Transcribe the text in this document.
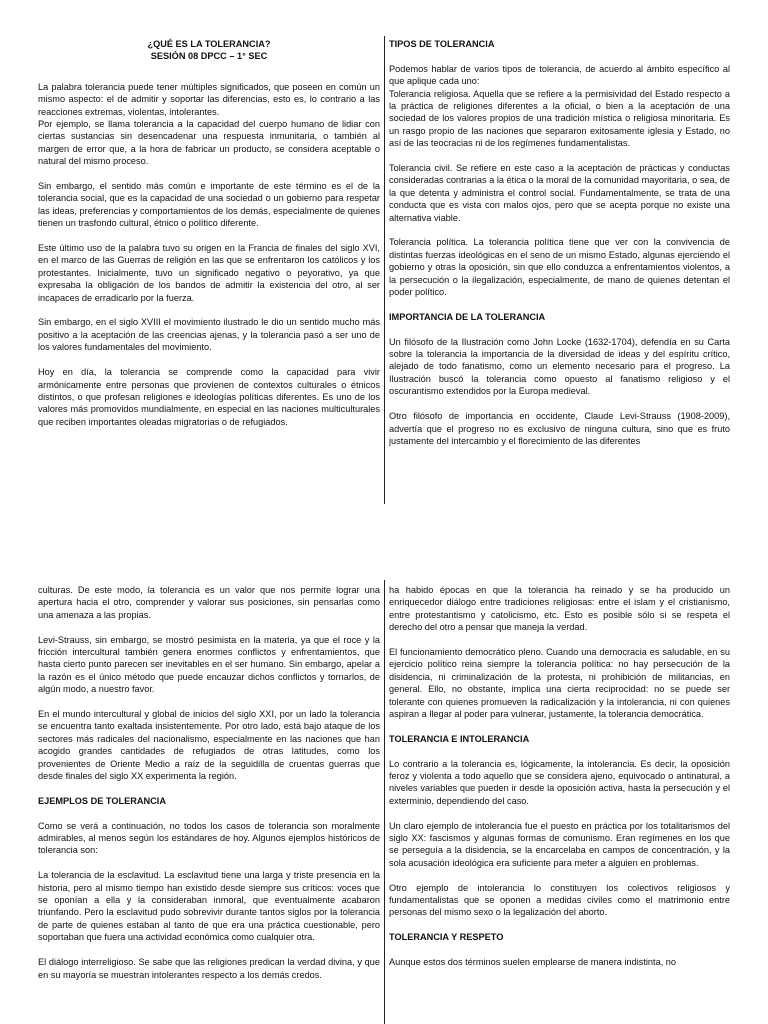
¿QUÉ ES LA TOLERANCIA?
SESIÓN 08 DPCC – 1° SEC

La palabra tolerancia puede tener múltiples significados, que poseen en común un mismo aspecto: el de admitir y soportar las diferencias, esto es, lo contrario a las reacciones extremas, violentas, intolerantes.

Por ejemplo, se llama tolerancia a la capacidad del cuerpo humano de lidiar con ciertas sustancias sin desencadenar una respuesta inmunitaria, o también al margen de error que, a la hora de fabricar un producto, se considera aceptable o natural del mismo proceso.

Sin embargo, el sentido más común e importante de este término es el de la tolerancia social, que es la capacidad de una sociedad o un gobierno para respetar las ideas, preferencias y comportamientos de los demás, especialmente de quienes tienen un trasfondo cultural, étnico o político diferente.

Este último uso de la palabra tuvo su origen en la Francia de finales del siglo XVI, en el marco de las Guerras de religión en las que se enfrentaron los católicos y los protestantes. Inicialmente, tuvo un significado negativo o peyorativo, ya que expresaba la obligación de los bandos de admitir la existencia del otro, al ser incapaces de erradicarlo por la fuerza.

Sin embargo, en el siglo XVIII el movimiento ilustrado le dio un sentido mucho más positivo a la aceptación de las creencias ajenas, y la tolerancia pasó a ser uno de los valores fundamentales del movimiento.

Hoy en día, la tolerancia se comprende como la capacidad para vivir armónicamente entre personas que provienen de contextos culturales o étnicos distintos, o que profesan religiones e ideologías políticas diferentes. Es uno de los valores más promovidos mundialmente, en especial en las naciones multiculturales que reciben importantes oleadas migratorias o de refugiados.

TIPOS DE TOLERANCIA

Podemos hablar de varios tipos de tolerancia, de acuerdo al ámbito específico al que aplique cada uno:

Tolerancia religiosa. Aquella que se refiere a la permisividad del Estado respecto a la práctica de religiones diferentes a la oficial, o bien a la aceptación de una sociedad de los valores propios de una tradición mística o religiosa minoritaria. Es un rasgo propio de las naciones que separaron exitosamente iglesia y Estado, no así de las teocracias ni de los regímenes fundamentalistas.

Tolerancia civil. Se refiere en este caso a la aceptación de prácticas y conductas consideradas contrarias a la ética o la moral de la comunidad mayoritaria, o sea, de la que detenta y administra el control social. Fundamentalmente, se trata de una conducta que es vista con malos ojos, pero que se acepta porque no existe una alternativa viable.

Tolerancia política. La tolerancia política tiene que ver con la convivencia de distintas fuerzas ideológicas en el seno de un mismo Estado, algunas ejerciendo el gobierno y otras la oposición, sin que ello conduzca a enfrentamientos violentos, a la persecución o la ilegalización, especialmente, de mano de quienes detentan el poder político.

IMPORTANCIA DE LA TOLERANCIA

Un filósofo de la Ilustración como John Locke (1632-1704), defendía en su Carta sobre la tolerancia la importancia de la diversidad de ideas y del espíritu crítico, alejado de todo fanatismo, como un elemento necesario para el progreso. La Ilustración buscó la tolerancia como opuesto al fanatismo religioso y el oscurantismo extendidos por la Europa medieval.

Otro filósofo de importancia en occidente, Claude Levi-Strauss (1908-2009), advertía que el progreso no es exclusivo de ninguna cultura, sino que es fruto justamente del intercambio y el florecimiento de las diferentes

culturas. De este modo, la tolerancia es un valor que nos permite lograr una apertura hacia el otro, comprender y valorar sus posiciones, sin pensarlas como una amenaza a las propias.

Levi-Strauss, sin embargo, se mostró pesimista en la materia, ya que el roce y la fricción intercultural también genera enormes conflictos y enfrentamientos, que hasta cierto punto parecen ser inevitables en el ser humano. Sin embargo, apelar a la razón es el único método que puede encauzar dichos conflictos y tornarlos, de algún modo, a nuestro favor.

En el mundo intercultural y global de inicios del siglo XXI, por un lado la tolerancia se encuentra tanto exaltada insistentemente. Por otro lado, está bajo ataque de los sectores más radicales del nacionalismo, especialmente en las naciones que han acogido grandes cantidades de refugiados de otras latitudes, como los provenientes de Oriente Medio a raíz de la seguidilla de cruentas guerras que desde finales del siglo XX experimenta la región.

EJEMPLOS DE TOLERANCIA

Como se verá a continuación, no todos los casos de tolerancia son moralmente admirables, al menos según los estándares de hoy. Algunos ejemplos históricos de tolerancia son:

La tolerancia de la esclavitud. La esclavitud tiene una larga y triste presencia en la historia, pero al mismo tiempo han existido desde siempre sus críticos: voces que se oponían a ella y la consideraban inmoral, que eventualmente acabaron triunfando. Pero la esclavitud pudo sobrevivir durante tantos siglos por la tolerancia de parte de quienes estaban al tanto de que era una práctica cuestionable, pero soportaban que fuera una actividad económica como cualquier otra.

El diálogo interreligioso. Se sabe que las religiones predican la verdad divina, y que en su mayoría se muestran intolerantes respecto a los demás credos.

ha habido épocas en que la tolerancia ha reinado y se ha producido un enriquecedor diálogo entre tradiciones religiosas: entre el islam y el cristianismo, entre protestantismo y catolicismo, etc. Esto es posible sólo si se respeta el derecho del otro a pensar que maneja la verdad.

El funcionamiento democrático pleno. Cuando una democracia es saludable, en su ejercicio político reina siempre la tolerancia política: no hay persecución de la disidencia, ni criminalización de la protesta, ni prohibición de militancias, en general. Ello, no obstante, implica una cierta reciprocidad: no se puede ser tolerante con quienes promueven la radicalización y la intolerancia, ni con quienes aspiran a llegar al poder para vulnerar, justamente, la tolerancia democrática.

TOLERANCIA E INTOLERANCIA

Lo contrario a la tolerancia es, lógicamente, la intolerancia. Es decir, la oposición feroz y violenta a todo aquello que se considera ajeno, equivocado o antinatural, a niveles variables que pueden ir desde la oposición activa, hasta la persecución y el exterminio, dependiendo del caso.

Un claro ejemplo de intolerancia fue el puesto en práctica por los totalitarismos del siglo XX: fascismos y algunas formas de comunismo. Eran regímenes en los que se perseguía a la disidencia, se la encarcelaba en campos de concentración, y la sola acusación ideológica era suficiente para meter a alguien en problemas.

Otro ejemplo de intolerancia lo constituyen los colectivos religiosos y fundamentalistas que se oponen a medidas civiles como el matrimonio entre personas del mismo sexo o la legalización del aborto.

TOLERANCIA Y RESPETO

Aunque estos dos términos suelen emplearse de manera indistinta, no
